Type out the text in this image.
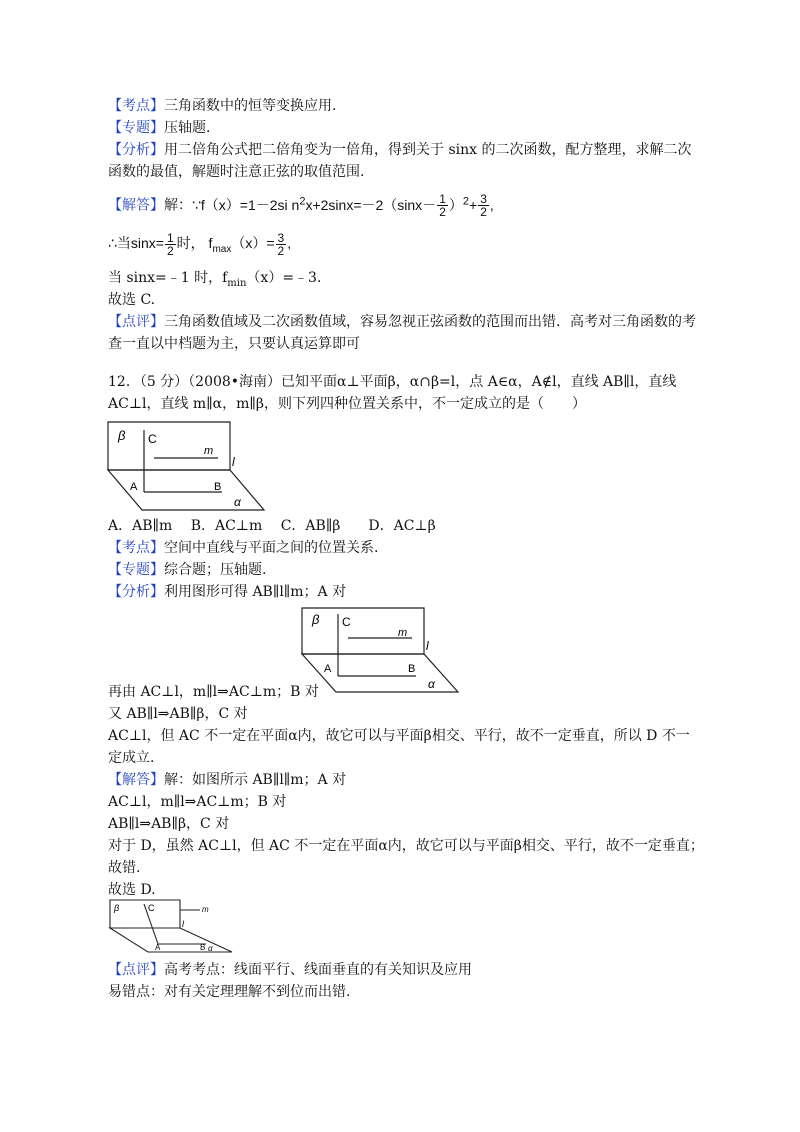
【考点】三角函数中的恒等变换应用.
【专题】压轴题.
【分析】用二倍角公式把二倍角变为一倍角，得到关于 sinx 的二次函数，配方整理，求解二次
函数的最值，解题时注意正弦的取值范围.
【解答】解：∵f（x）=1－2si $n^2x+2\sin x=-2(\sin x- \frac{1}{2} )^2+ \frac{3}{2}$ ,
∴当$\sin x= \frac{1}{2}$ 时， $f_{max}(x)= \frac{3}{2}$ ,
当 sinx=﹣1 时，$f_{min}(x)=﹣3$.
故选 C.
【点评】三角函数值域及二次函数值域，容易忽视正弦函数的范围而出错．高考对三角函数的考
查一直以中档题为主，只要认真运算即可
12．（5 分）（2008•海南）已知平面α⊥平面β，α∩β=l，点 A∈α，A∉l，直线 AB∥l，直线
AC⊥l，直线 m∥α，m∥β，则下列四种位置关系中，不一定成立的是（　　）
A．AB∥m　 B．AC⊥m　 C．AB∥β　　D．AC⊥β
【考点】空间中直线与平面之间的位置关系.
【专题】综合题；压轴题.
【分析】利用图形可得 AB∥l∥m；A 对
再由 AC⊥l，m∥l⇒AC⊥m；B 对
又 AB∥l⇒AB∥β，C 对
AC⊥l，但 AC 不一定在平面α内，故它可以与平面β相交、平行，故不一定垂直，所以 D 不一
定成立.
【解答】解：如图所示 AB∥l∥m；A 对
AC⊥l，m∥l⇒AC⊥m；B 对
AB∥l⇒AB∥β，C 对
对于 D，虽然 AC⊥l，但 AC 不一定在平面α内，故它可以与平面β相交、平行，故不一定垂直；
故错.
故选 D.
【点评】高考考点：线面平行、线面垂直的有关知识及应用
易错点：对有关定理理解不到位而出错.
β C
m
l
A	B
α
β C
m
l
A	B
α
β	C	m
l
A	B α
